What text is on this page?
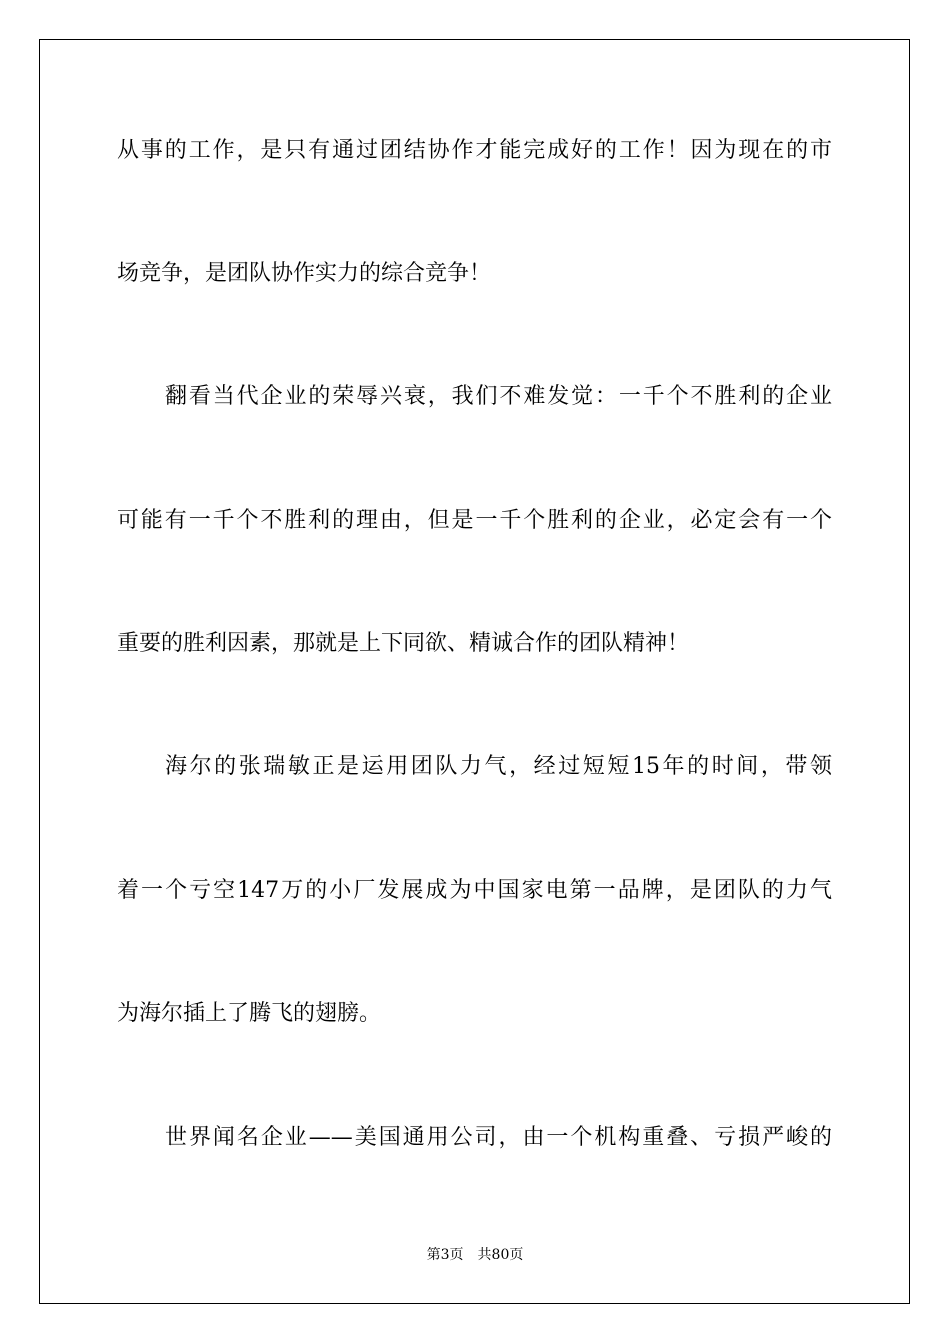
从事的工作，是只有通过团结协作才能完成好的工作！因为现在的市
场竞争，是团队协作实力的综合竞争！
翻看当代企业的荣辱兴衰，我们不难发觉：一千个不胜利的企业
可能有一千个不胜利的理由，但是一千个胜利的企业，必定会有一个
重要的胜利因素，那就是上下同欲、精诚合作的团队精神！
海尔的张瑞敏正是运用团队力气，经过短短15年的时间，带领
着一个亏空147万的小厂发展成为中国家电第一品牌，是团队的力气
为海尔插上了腾飞的翅膀。
世界闻名企业——美国通用公司，由一个机构重叠、亏损严峻的
第3页 共80页
